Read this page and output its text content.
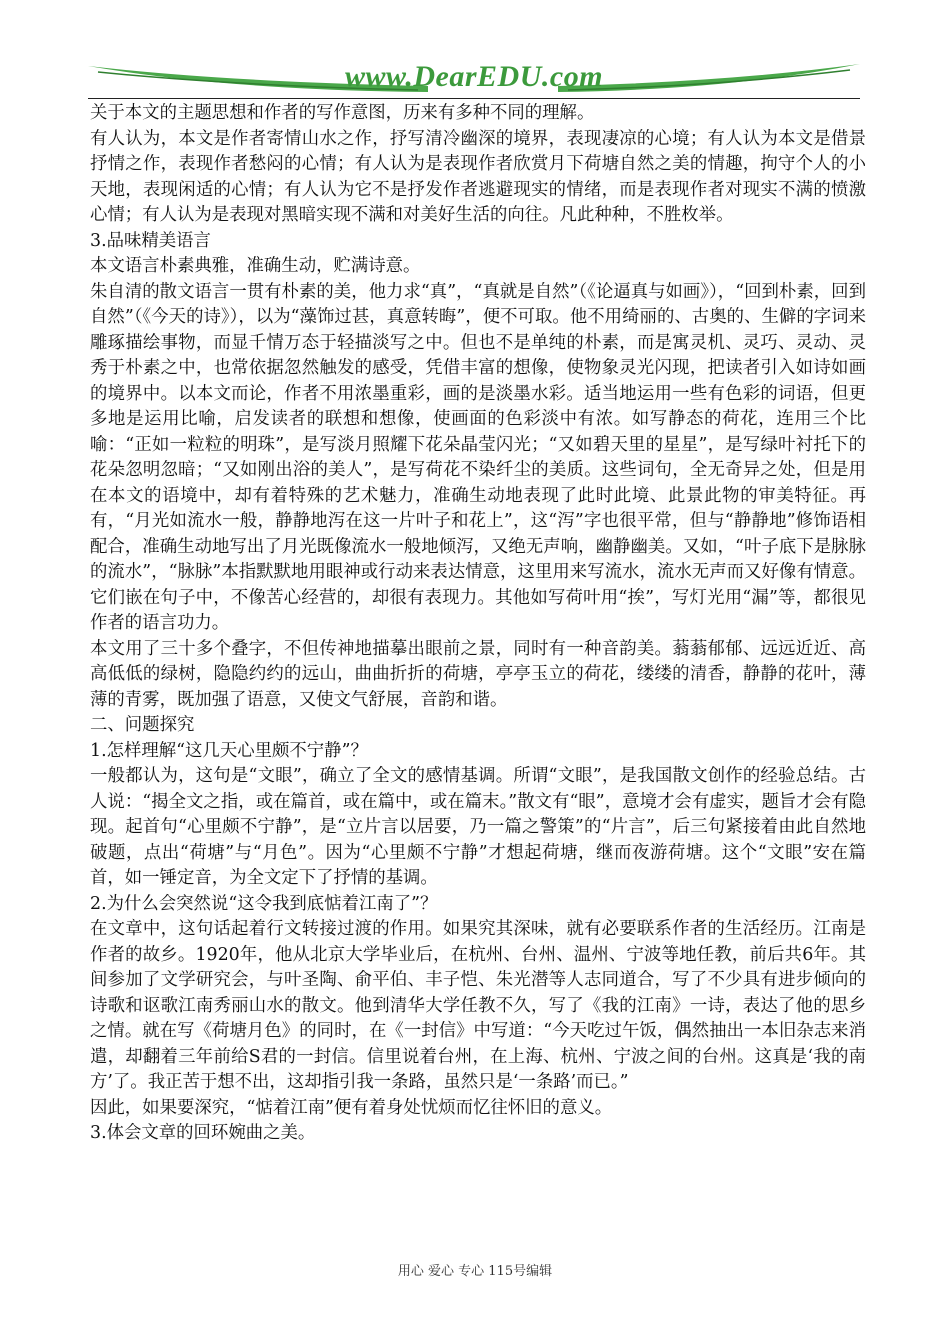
www.DearEDU.com

关于本文的主题思想和作者的写作意图，历来有多种不同的理解。

有人认为，本文是作者寄情山水之作，抒写清冷幽深的境界，表现凄凉的心境；有人认为本文是借景抒情之作，表现作者愁闷的心情；有人认为是表现作者欣赏月下荷塘自然之美的情趣，拘守个人的小天地，表现闲适的心情；有人认为它不是抒发作者逃避现实的情绪，而是表现作者对现实不满的愤激心情；有人认为是表现对黑暗实现不满和对美好生活的向往。凡此种种，不胜枚举。

3.品味精美语言

本文语言朴素典雅，准确生动，贮满诗意。

朱自清的散文语言一贯有朴素的美，他力求“真”，“真就是自然”（《论逼真与如画》），“回到朴素，回到自然”（《今天的诗》），以为“藻饰过甚，真意转晦”，便不可取。他不用绮丽的、古奥的、生僻的字词来雕琢描绘事物，而显千情万态于轻描淡写之中。但也不是单纯的朴素，而是寓灵机、灵巧、灵动、灵秀于朴素之中，也常依据忽然触发的感受，凭借丰富的想像，使物象灵光闪现，把读者引入如诗如画的境界中。以本文而论，作者不用浓墨重彩，画的是淡墨水彩。适当地运用一些有色彩的词语，但更多地是运用比喻，启发读者的联想和想像，使画面的色彩淡中有浓。如写静态的荷花，连用三个比喻：“正如一粒粒的明珠”，是写淡月照耀下花朵晶莹闪光；“又如碧天里的星星”，是写绿叶衬托下的花朵忽明忽暗；“又如刚出浴的美人”，是写荷花不染纤尘的美质。这些词句，全无奇异之处，但是用在本文的语境中，却有着特殊的艺术魅力，准确生动地表现了此时此境、此景此物的审美特征。再有，“月光如流水一般，静静地泻在这一片叶子和花上”，这“泻”字也很平常，但与“静静地”修饰语相配合，准确生动地写出了月光既像流水一般地倾泻，又绝无声响，幽静幽美。又如，“叶子底下是脉脉的流水”，“脉脉”本指默默地用眼神或行动来表达情意，这里用来写流水，流水无声而又好像有情意。它们嵌在句子中，不像苦心经营的，却很有表现力。其他如写荷叶用“挨”，写灯光用“漏”等，都很见作者的语言功力。

本文用了三十多个叠字，不但传神地描摹出眼前之景，同时有一种音韵美。蓊蓊郁郁、远远近近、高高低低的绿树，隐隐约约的远山，曲曲折折的荷塘，亭亭玉立的荷花，缕缕的清香，静静的花叶，薄薄的青雾，既加强了语意，又使文气舒展，音韵和谐。

二、问题探究

1.怎样理解“这几天心里颇不宁静”？

一般都认为，这句是“文眼”，确立了全文的感情基调。所谓“文眼”，是我国散文创作的经验总结。古人说：“揭全文之指，或在篇首，或在篇中，或在篇末。”散文有“眼”，意境才会有虚实，题旨才会有隐现。起首句“心里颇不宁静”，是“立片言以居要，乃一篇之警策”的“片言”，后三句紧接着由此自然地破题，点出“荷塘”与“月色”。因为“心里颇不宁静”才想起荷塘，继而夜游荷塘。这个“文眼”安在篇首，如一锤定音，为全文定下了抒情的基调。

2.为什么会突然说“这令我到底惦着江南了”？

在文章中，这句话起着行文转接过渡的作用。如果究其深味，就有必要联系作者的生活经历。江南是作者的故乡。1920年，他从北京大学毕业后，在杭州、台州、温州、宁波等地任教，前后共6年。其间参加了文学研究会，与叶圣陶、俞平伯、丰子恺、朱光潜等人志同道合，写了不少具有进步倾向的诗歌和讴歌江南秀丽山水的散文。他到清华大学任教不久，写了《我的江南》一诗，表达了他的思乡之情。就在写《荷塘月色》的同时，在《一封信》中写道：“今天吃过午饭，偶然抽出一本旧杂志来消遣，却翻着三年前给S君的一封信。信里说着台州，在上海、杭州、宁波之间的台州。这真是‘我的南方’了。我正苦于想不出，这却指引我一条路，虽然只是‘一条路’而已。”

因此，如果要深究，“惦着江南”便有着身处忧烦而忆往怀旧的意义。

3.体会文章的回环婉曲之美。

用心 爱心 专心 115号编辑
